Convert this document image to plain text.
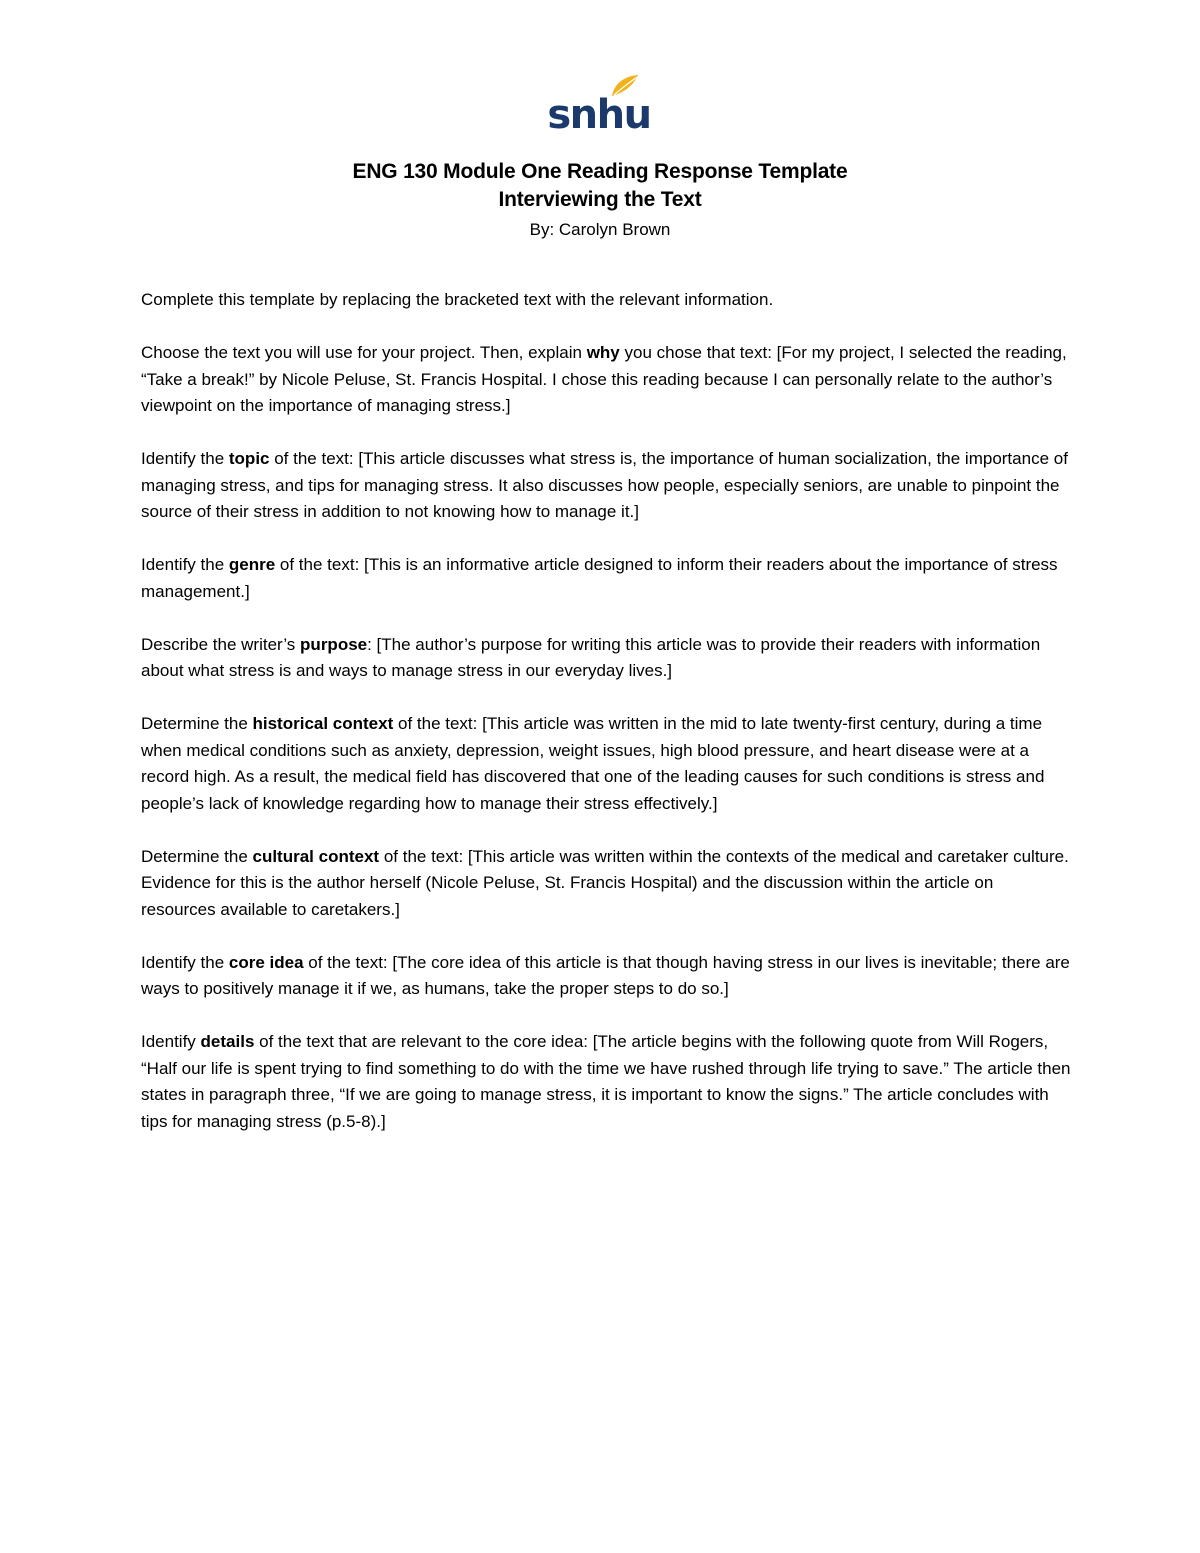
snhu
ENG 130 Module One Reading Response Template
Interviewing the Text
By: Carolyn Brown

Complete this template by replacing the bracketed text with the relevant information.

Choose the text you will use for your project. Then, explain why you chose that text: [For my project, I selected the reading, “Take a break!” by Nicole Peluse, St. Francis Hospital. I chose this reading because I can personally relate to the author’s viewpoint on the importance of managing stress.]

Identify the topic of the text: [This article discusses what stress is, the importance of human socialization, the importance of managing stress, and tips for managing stress. It also discusses how people, especially seniors, are unable to pinpoint the source of their stress in addition to not knowing how to manage it.]

Identify the genre of the text: [This is an informative article designed to inform their readers about the importance of stress management.]

Describe the writer’s purpose: [The author’s purpose for writing this article was to provide their readers with information about what stress is and ways to manage stress in our everyday lives.]

Determine the historical context of the text: [This article was written in the mid to late twenty-first century, during a time when medical conditions such as anxiety, depression, weight issues, high blood pressure, and heart disease were at a record high. As a result, the medical field has discovered that one of the leading causes for such conditions is stress and people’s lack of knowledge regarding how to manage their stress effectively.]

Determine the cultural context of the text: [This article was written within the contexts of the medical and caretaker culture. Evidence for this is the author herself (Nicole Peluse, St. Francis Hospital) and the discussion within the article on resources available to caretakers.]

Identify the core idea of the text: [The core idea of this article is that though having stress in our lives is inevitable; there are ways to positively manage it if we, as humans, take the proper steps to do so.]

Identify details of the text that are relevant to the core idea: [The article begins with the following quote from Will Rogers, “Half our life is spent trying to find something to do with the time we have rushed through life trying to save.” The article then states in paragraph three, “If we are going to manage stress, it is important to know the signs.” The article concludes with tips for managing stress (p.5-8).]
